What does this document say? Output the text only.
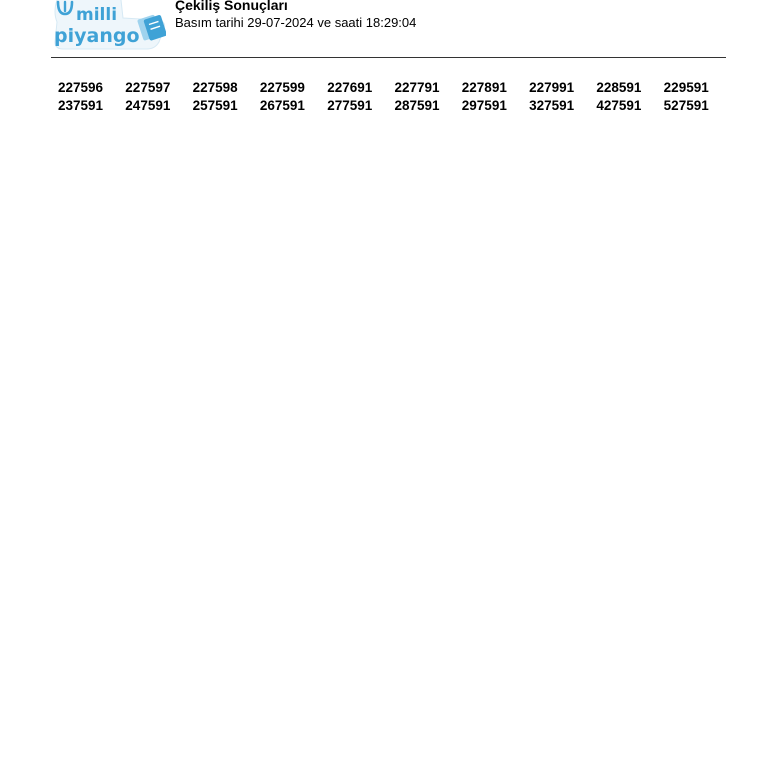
milli
piyango
Çekiliş Sonuçları
Basım tarihi 29-07-2024 ve saati 18:29:04
227596	227597	227598	227599	227691	227791	227891	227991	228591	229591
237591	247591	257591	267591	277591	287591	297591	327591	427591	527591
